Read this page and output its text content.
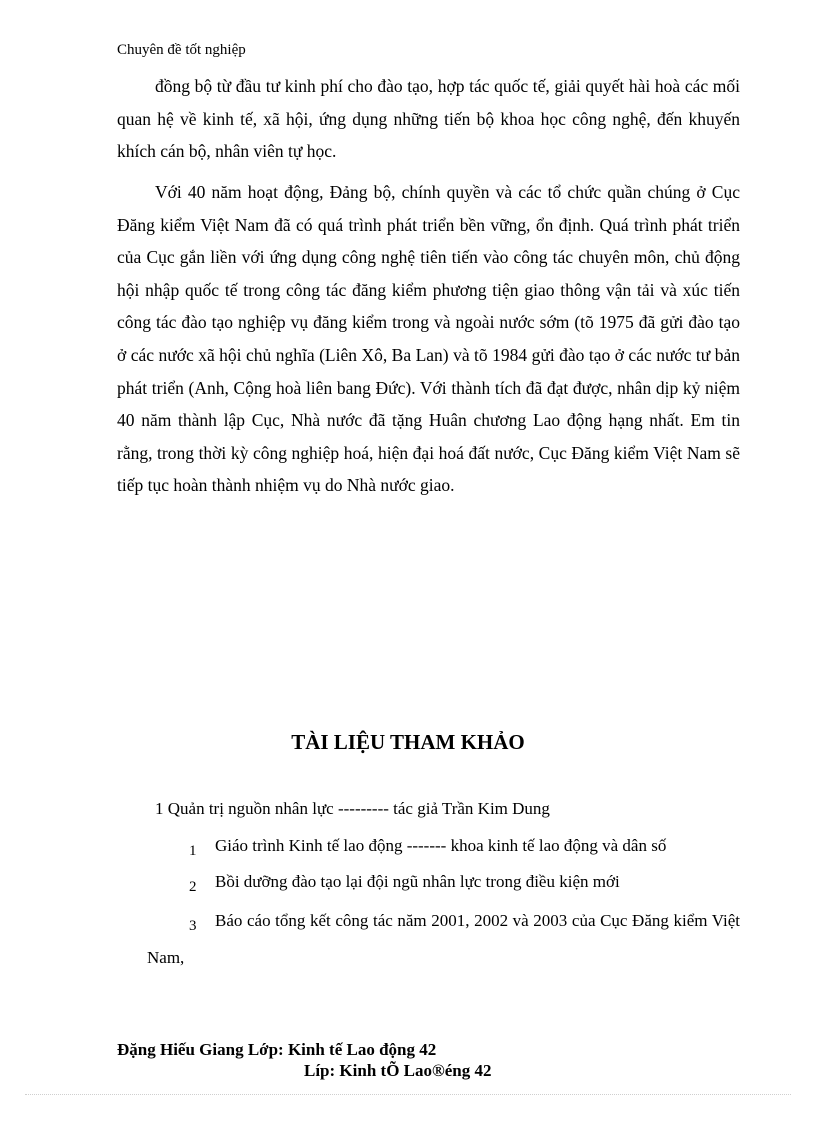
Chuyên đề tốt nghiệp

đồng bộ từ đầu tư kinh phí cho đào tạo, hợp tác quốc tế, giải quyết hài hoà các mối quan hệ về kinh tế, xã hội, ứng dụng những tiến bộ khoa học công nghệ, đến khuyến khích cán bộ, nhân viên tự học.

Với 40 năm hoạt động, Đảng bộ, chính quyền và các tổ chức quần chúng ở Cục Đăng kiểm Việt Nam đã có quá trình phát triển bền vững, ổn định. Quá trình phát triển của Cục gắn liền với ứng dụng công nghệ tiên tiến vào công tác chuyên môn, chủ động hội nhập quốc tế trong công tác đăng kiểm phương tiện giao thông vận tải và xúc tiến công tác đào tạo nghiệp vụ đăng kiểm trong và ngoài nước sớm (tõ 1975 đã gửi đào tạo ở các nước xã hội chủ nghĩa (Liên Xô, Ba Lan) và tõ 1984 gửi đào tạo ở các nước tư bản phát triển (Anh, Cộng hoà liên bang Đức). Với thành tích đã đạt được, nhân dịp kỷ niệm 40 năm thành lập Cục, Nhà nước đã tặng Huân chương Lao động hạng nhất. Em tin rằng, trong thời kỳ công nghiệp hoá, hiện đại hoá đất nước, Cục Đăng kiểm Việt Nam sẽ tiếp tục hoàn thành nhiệm vụ do Nhà nước giao.

TÀI LIỆU THAM KHẢO
1 Quản trị nguồn nhân lực --------- tác giả Trần Kim Dung
1 Giáo trình Kinh tế lao động ------- khoa kinh tế lao động và dân số
2 Bồi dưỡng đào tạo lại đội ngũ nhân lực trong điều kiện mới
3 Báo cáo tổng kết công tác năm 2001, 2002 và 2003 của Cục Đăng kiểm Việt Nam,
Đặng Hiếu Giang Lớp: Kinh tế Lao động 42
Líp: Kinh tÕ Lao®éng 42
